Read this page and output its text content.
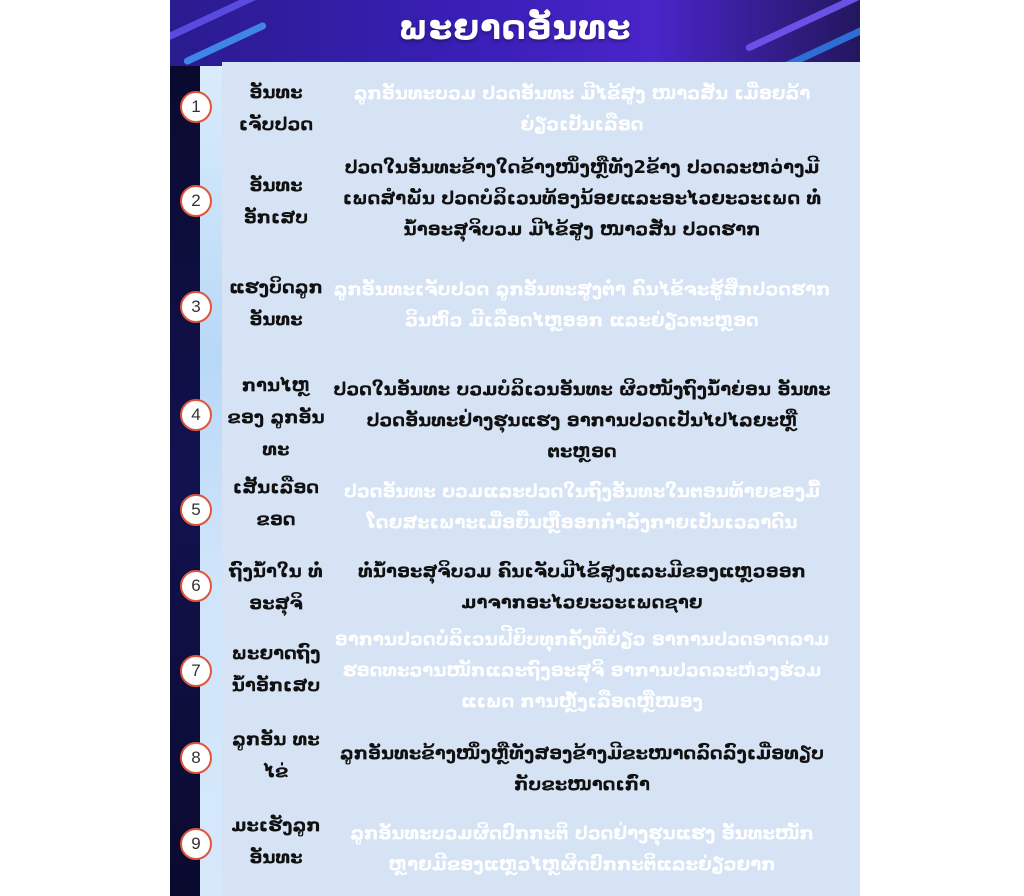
ພະຍາດອັນທະ
1
ອັນທະ ເຈັບປວດ
ລູກອັນທະບວມ ປວດອັນທະ ມີໄຂ້ສູງ ໜາວສັ່ນ ເມື່ອຍລ້າ ຍ່ຽວເປັນເລືອດ
2
ອັນທະ ອັກເສບ
ປວດໃນອັນທະຂ້າງໃດຂ້າງໜຶ່ງຫຼືທັງ2ຂ້າງ ປວດລະຫວ່າງມີເພດສໍາພັນ ປວດບໍລິເວນທ້ອງນ້ອຍແລະອະໄວຍະວະເພດ ທໍ່ນໍ້າອະສຸຈິບວມ ມີໄຂ້ສູງ ໜາວສັ່ນ ປວດຮາກ
3
ແຮງບິດລູກ ອັນທະ
ລູກອັນທະເຈັບປວດ ລູກອັນທະສູງຕໍ່າ ຄົນໄຂ້ຈະຮູ້ສຶກປວດຮາກ ວິນຫົວ ມີເລືອດໄຫຼອອກ ແລະຍ່ຽວຕະຫຼອດ
4
ການໄຫຼຂອງ ລູກອັນທະ
ປວດໃນອັນທະ ບວມບໍລິເວນອັນທະ ຜິວໜັງຖົງນໍ້າຍ່ອນ ອັນທະປວດອັນທະຢ່າງຮຸນແຮງ ອາການປວດເປັນໄປໄລຍະຫຼືຕະຫຼອດ
5
ເສັ້ນເລືອດ ຂອດ
ປວດອັນທະ ບວມແລະປວດໃນຖົງອັນທະໃນຕອນທ້າຍຂອງມື້ ໂດຍສະເພາະເມື່ອຍືນຫຼືອອກກໍາລັງກາຍເປັນເວລາດົນ
6
ຖົງນໍ້າໃນ ທໍ່ອະສຸຈິ
ທໍ່ນໍ້າອະສຸຈິບວມ ຄົນເຈັບມີໄຂ້ສູງແລະມີຂອງແຫຼວອອກມາຈາກອະໄວຍະວະເພດຊາຍ
7
ພະຍາດຖົງ ນໍ້າອັກເສບ
ອາການປວດບໍລິເວນຝີຍິບທຸກຄັ້ງທີ່ຍ່ຽວ ອາການປວດອາດລາມຮອດທະວານໜັກແລະຖົງອະສຸຈິ ອາການປວດລະຫ່ວງຮ່ວມແເພດ ການຫຼັ່ງເລືອດຫຼືໜອງ
8
ລູກອັນ ທະໄຂ່
ລູກອັນທະຂ້າງໜຶ່ງຫຼືທັງສອງຂ້າງມີຂະໜາດລົດລົງເມື່ອທຽບກັບຂະໜາດເກົ່າ
9
ມະເຮັງລູກ ອັນທະ
ລູກອັນທະບວມຜິດປົກກະຕິ ປວດຢ່າງຮຸນແຮງ ອັນທະໜັກຫຼາຍມີຂອງແຫຼວໄຫຼຜິດປົກກະຕິແລະຍ່ຽວຍາກ
